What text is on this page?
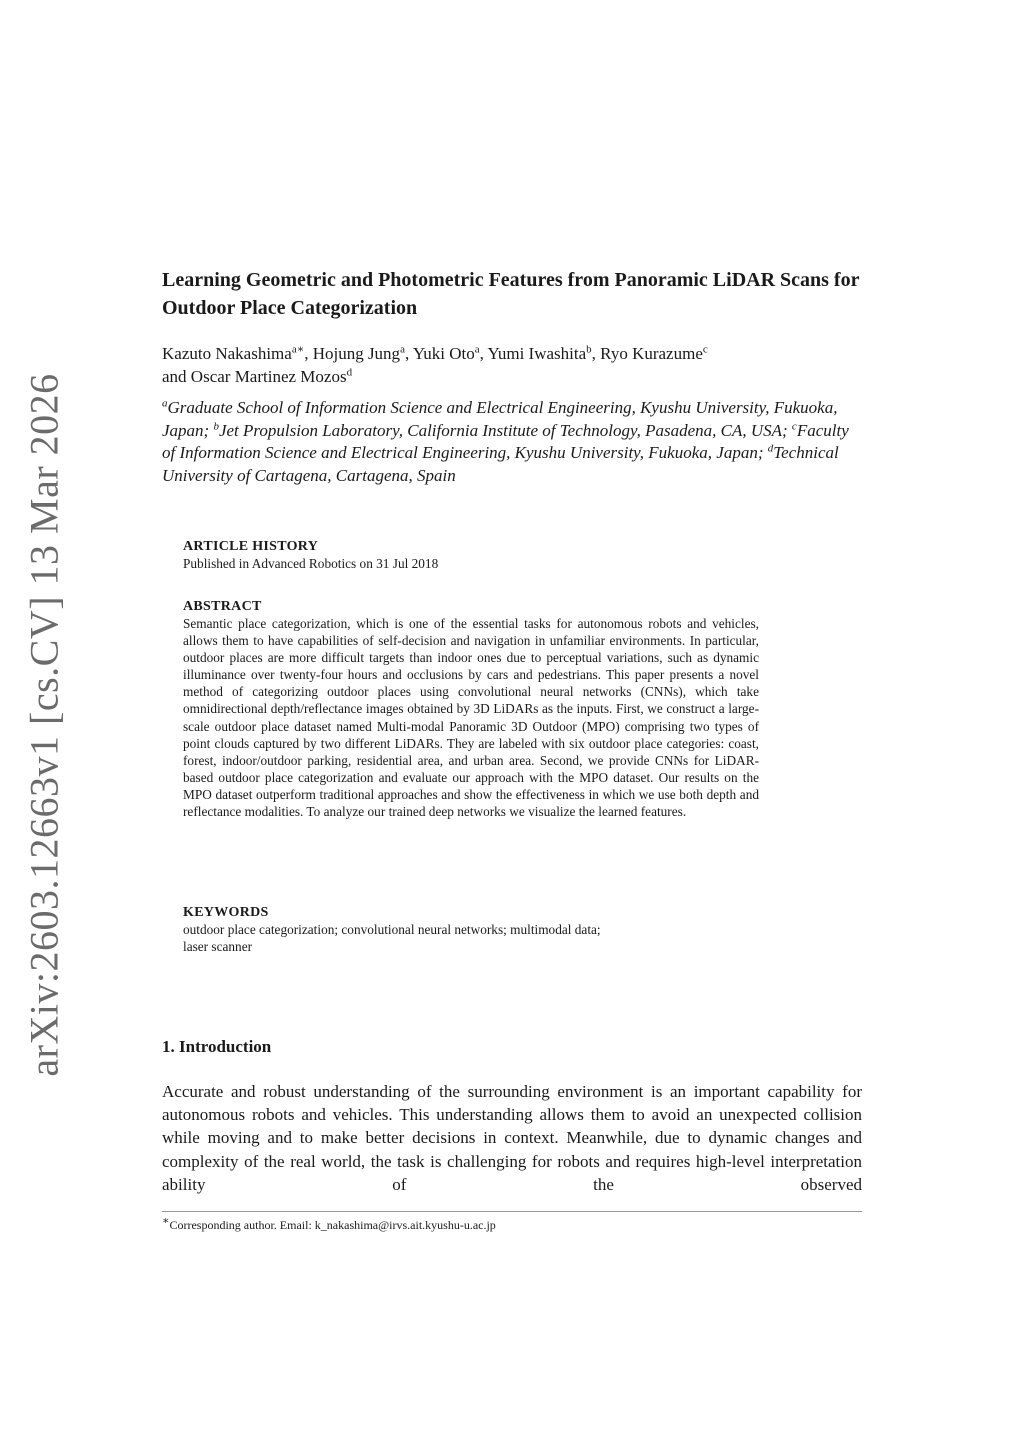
arXiv:2603.12663v1 [cs.CV] 13 Mar 2026
Learning Geometric and Photometric Features from Panoramic LiDAR Scans for Outdoor Place Categorization
Kazuto Nakashima$^{a∗}$, Hojung Jung$^a$, Yuki Oto$^a$, Yumi Iwashita$^b$, Ryo Kurazume$^c$
and Oscar Martinez Mozos$^d$
$^a$Graduate School of Information Science and Electrical Engineering, Kyushu University, Fukuoka, Japan; $^b$Jet Propulsion Laboratory, California Institute of Technology, Pasadena, CA, USA; $^c$Faculty of Information Science and Electrical Engineering, Kyushu University, Fukuoka, Japan; $^d$Technical University of Cartagena, Cartagena, Spain
ARTICLE HISTORY
Published in Advanced Robotics on 31 Jul 2018
ABSTRACT
Semantic place categorization, which is one of the essential tasks for autonomous robots and vehicles, allows them to have capabilities of self-decision and navigation in unfamiliar environments. In particular, outdoor places are more difficult targets than indoor ones due to perceptual variations, such as dynamic illuminance over twenty-four hours and occlusions by cars and pedestrians. This paper presents a novel method of categorizing outdoor places using convolutional neural networks (CNNs), which take omnidirectional depth/reflectance images obtained by 3D LiDARs as the inputs. First, we construct a large-scale outdoor place dataset named Multi-modal Panoramic 3D Outdoor (MPO) comprising two types of point clouds captured by two different LiDARs. They are labeled with six outdoor place categories: coast, forest, indoor/outdoor parking, residential area, and urban area. Second, we provide CNNs for LiDAR-based outdoor place categorization and evaluate our approach with the MPO dataset. Our results on the MPO dataset outperform traditional approaches and show the effectiveness in which we use both depth and reflectance modalities. To analyze our trained deep networks we visualize the learned features.
KEYWORDS
outdoor place categorization; convolutional neural networks; multimodal data;
laser scanner
1. Introduction
Accurate and robust understanding of the surrounding environment is an important capability for autonomous robots and vehicles. This understanding allows them to avoid an unexpected collision while moving and to make better decisions in context. Meanwhile, due to dynamic changes and complexity of the real world, the task is challenging for robots and requires high-level interpretation ability of the observed
∗Corresponding author. Email: k_nakashima@irvs.ait.kyushu-u.ac.jp
